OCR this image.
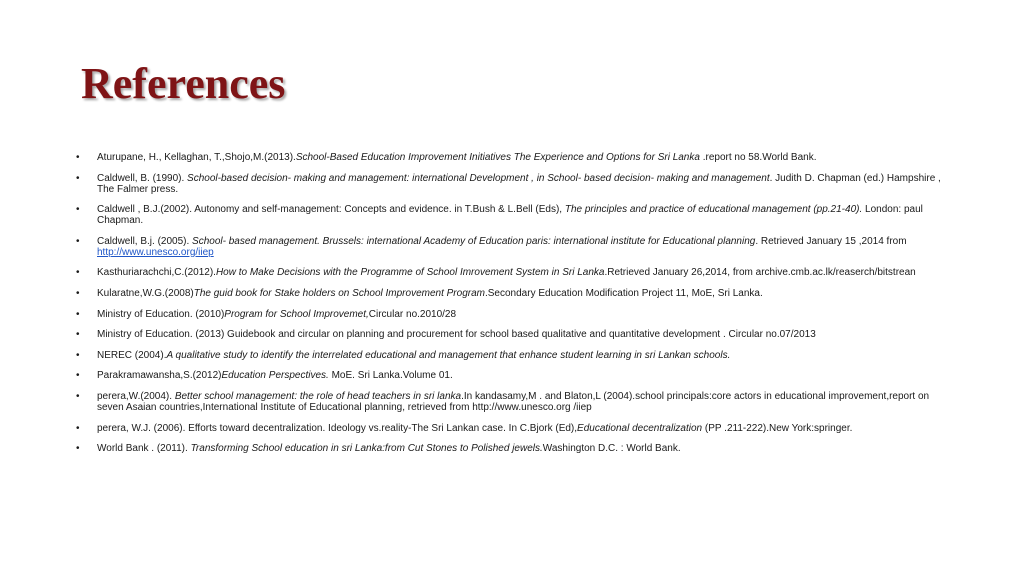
References
• Aturupane, H., Kellaghan, T.,Shojo,M.(2013).School-Based Education Improvement Initiatives The Experience and Options for Sri Lanka .report no 58.World Bank.
• Caldwell, B. (1990). School-based decision- making and management: international Development , in School- based decision- making and management. Judith D. Chapman (ed.) Hampshire , The Falmer press.
• Caldwell , B.J.(2002). Autonomy and self-management: Concepts and evidence. in T.Bush & L.Bell (Eds), The principles and practice of educational management (pp.21-40). London: paul Chapman.
• Caldwell, B.j. (2005). School- based management. Brussels: international Academy of Education paris: international institute for Educational planning. Retrieved January 15 ,2014 from http://www.unesco.org/iiep
• Kasthuriarachchi,C.(2012).How to Make Decisions with the Programme of School Imrovement System in Sri Lanka.Retrieved January 26,2014, from archive.cmb.ac.lk/reaserch/bitstrean
• Kularatne,W.G.(2008)The guid book for Stake holders on School Improvement Program.Secondary Education Modification Project 11, MoE, Sri Lanka.
• Ministry of Education. (2010)Program for School Improvemet,Circular no.2010/28
• Ministry of Education. (2013) Guidebook and circular on planning and procurement for school based qualitative and quantitative development . Circular no.07/2013
• NEREC (2004).A qualitative study to identify the interrelated educational and management that enhance student learning in sri Lankan schools.
• Parakramawansha,S.(2012)Education Perspectives. MoE. Sri Lanka.Volume 01.
• perera,W.(2004). Better school management: the role of head teachers in sri lanka.In kandasamy,M . and Blaton,L (2004).school principals:core actors in educational improvement,report on seven Asaian countries,International Institute of Educational planning, retrieved from http://www.unesco.org /iiep
• perera, W.J. (2006). Efforts toward decentralization. Ideology vs.reality-The Sri Lankan case. In C.Bjork (Ed),Educational decentralization (PP .211-222).New York:springer.
• World Bank . (2011). Transforming School education in sri Lanka:from Cut Stones to Polished jewels.Washington D.C. : World Bank.
